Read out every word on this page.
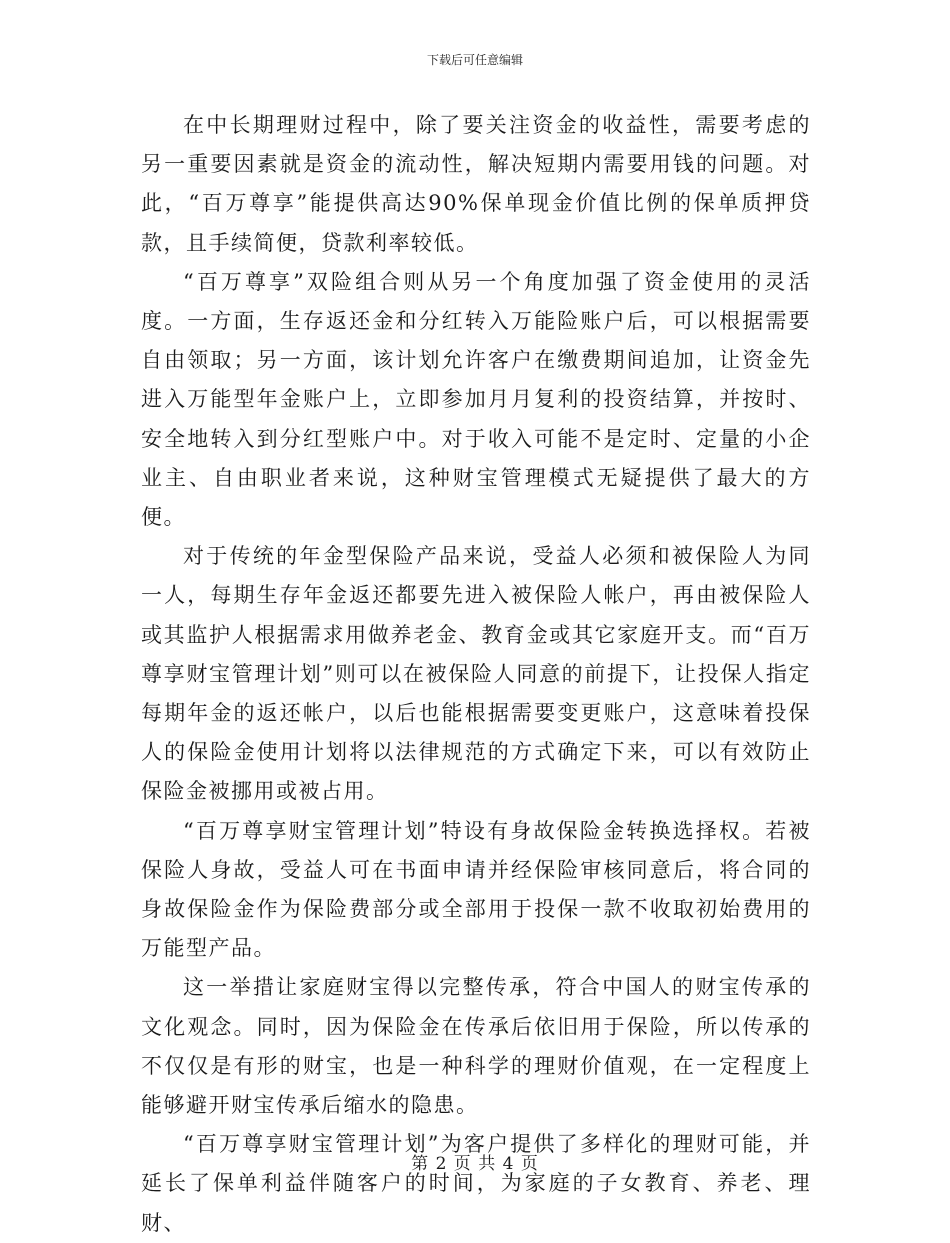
下载后可任意编辑

在中长期理财过程中，除了要关注资金的收益性，需要考虑的另一重要因素就是资金的流动性，解决短期内需要用钱的问题。对此，“百万尊享”能提供高达90%保单现金价值比例的保单质押贷款，且手续简便，贷款利率较低。

“百万尊享”双险组合则从另一个角度加强了资金使用的灵活度。一方面，生存返还金和分红转入万能险账户后，可以根据需要自由领取；另一方面，该计划允许客户在缴费期间追加，让资金先进入万能型年金账户上，立即参加月月复利的投资结算，并按时、安全地转入到分红型账户中。对于收入可能不是定时、定量的小企业主、自由职业者来说，这种财宝管理模式无疑提供了最大的方便。

对于传统的年金型保险产品来说，受益人必须和被保险人为同一人，每期生存年金返还都要先进入被保险人帐户，再由被保险人或其监护人根据需求用做养老金、教育金或其它家庭开支。而“百万尊享财宝管理计划”则可以在被保险人同意的前提下，让投保人指定每期年金的返还帐户，以后也能根据需要变更账户，这意味着投保人的保险金使用计划将以法律规范的方式确定下来，可以有效防止保险金被挪用或被占用。

“百万尊享财宝管理计划”特设有身故保险金转换选择权。若被保险人身故，受益人可在书面申请并经保险审核同意后，将合同的身故保险金作为保险费部分或全部用于投保一款不收取初始费用的万能型产品。

这一举措让家庭财宝得以完整传承，符合中国人的财宝传承的文化观念。同时，因为保险金在传承后依旧用于保险，所以传承的不仅仅是有形的财宝，也是一种科学的理财价值观，在一定程度上能够避开财宝传承后缩水的隐患。

“百万尊享财宝管理计划”为客户提供了多样化的理财可能，并延长了保单利益伴随客户的时间，为家庭的子女教育、养老、理财、

第 2 页 共 4 页
